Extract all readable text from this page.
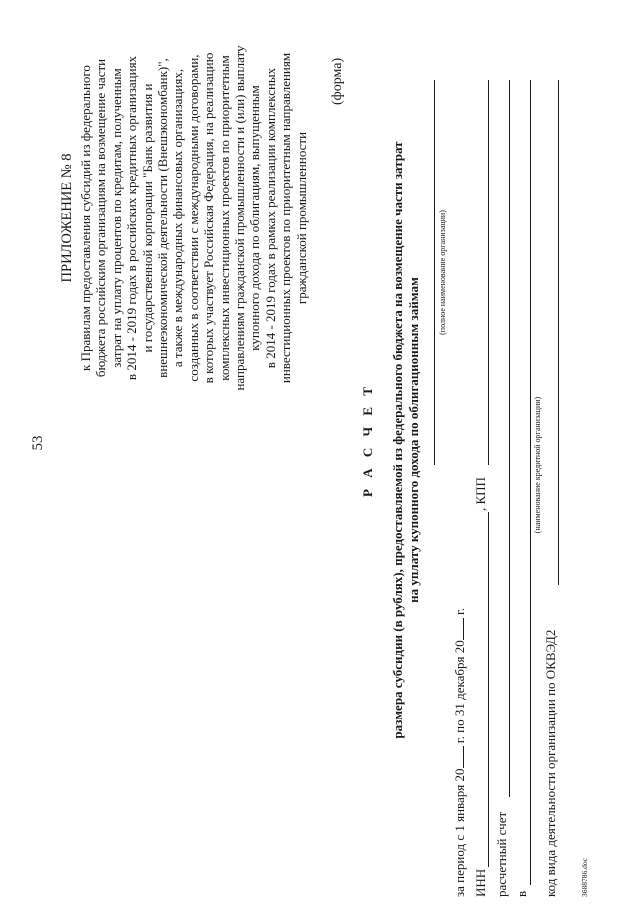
53
ПРИЛОЖЕНИЕ № 8 к Правилам предоставления субсидий из федерального бюджета российским организациям на возмещение части затрат на уплату процентов по кредитам, полученным в 2014 - 2019 годах в российских кредитных организациях и государственной корпорации "Банк развития и внешнеэкономической деятельности (Внешэкономбанк)", а также в международных финансовых организациях, созданных в соответствии с международными договорами, в которых участвует Российская Федерация, на реализацию комплексных инвестиционных проектов по приоритетным направлениям гражданской промышленности и (или) выплату купонного дохода по облигациям, выпущенным в 2014 - 2019 годах в рамках реализации комплексных инвестиционных проектов по приоритетным направлениям гражданской промышленности
(форма)
Р А С Ч Е Т размера субсидии (в рублях), предоставляемой из федерального бюджета на возмещение части затрат на уплату купонного дохода по облигационным займам
(полное наименование организации)
за период с 1 января 20 г. по 31 декабря 20 г.
ИНН
, КПП
расчетный счет в
(наименование кредитной организации)
код вида деятельности организации по ОКВЭД2	3688786.doc
